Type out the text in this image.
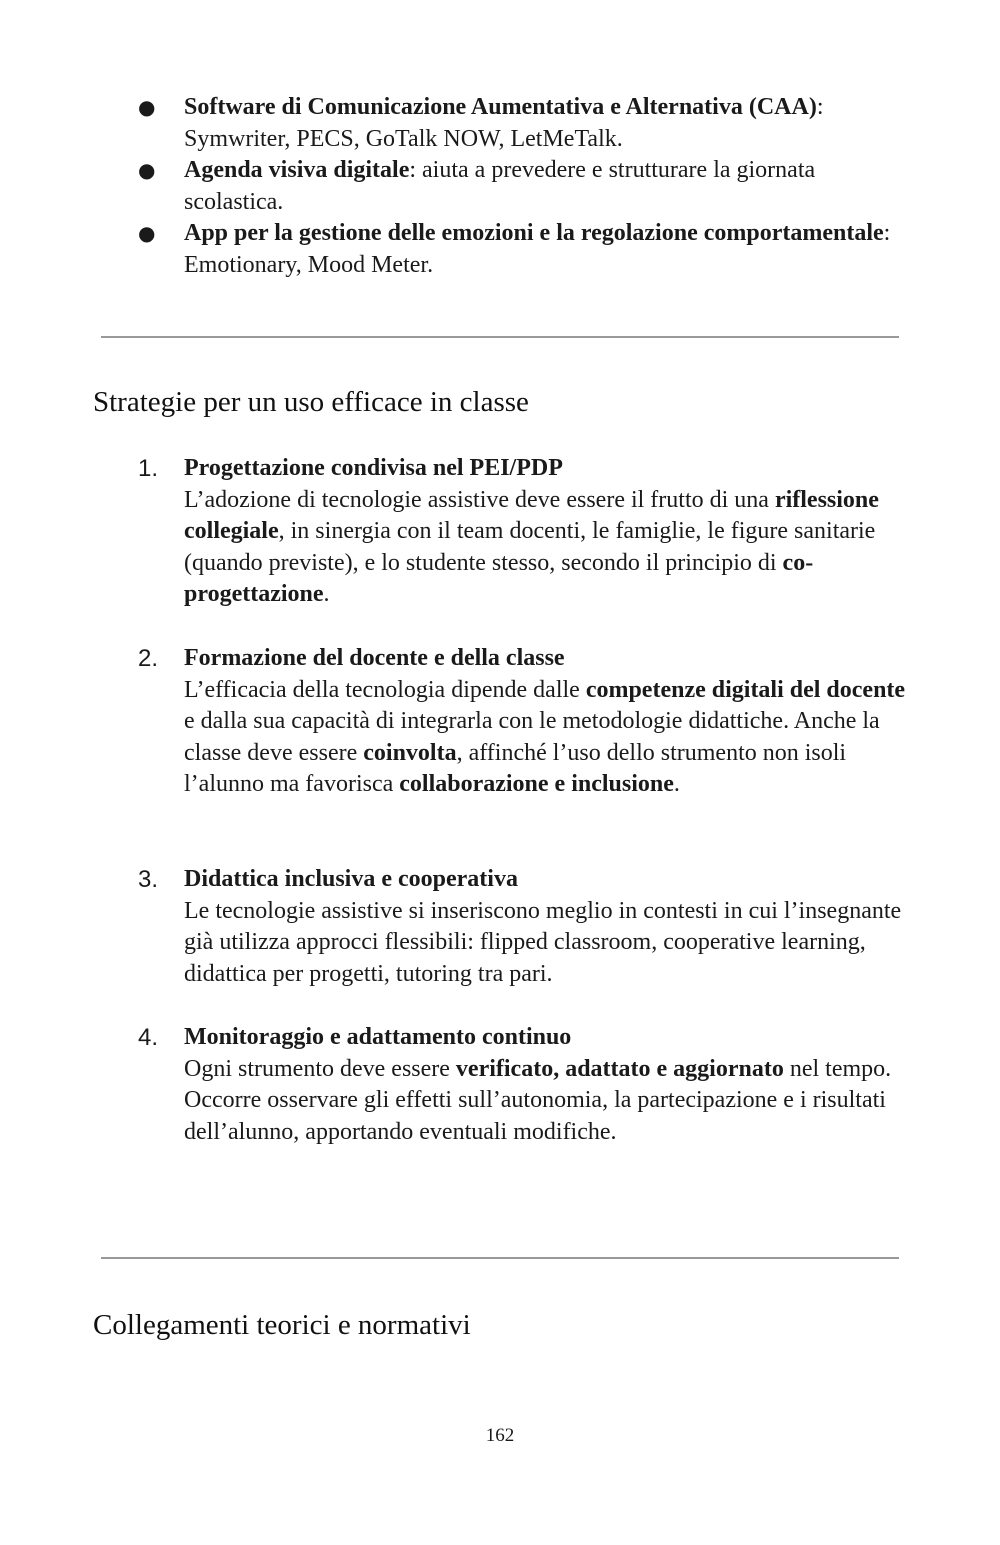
● Software di Comunicazione Aumentativa e Alternativa (CAA): Symwriter, PECS, GoTalk NOW, LetMeTalk.
● Agenda visiva digitale: aiuta a prevedere e strutturare la giornata scolastica.
● App per la gestione delle emozioni e la regolazione comportamentale: Emotionary, Mood Meter.
Strategie per un uso efficace in classe
1. Progettazione condivisa nel PEI/PDP
L’adozione di tecnologie assistive deve essere il frutto di una riflessione collegiale, in sinergia con il team docenti, le famiglie, le figure sanitarie (quando previste), e lo studente stesso, secondo il principio di co-progettazione.
2. Formazione del docente e della classe
L’efficacia della tecnologia dipende dalle competenze digitali del docente e dalla sua capacità di integrarla con le metodologie didattiche. Anche la classe deve essere coinvolta, affinché l’uso dello strumento non isoli l’alunno ma favorisca collaborazione e inclusione.
3. Didattica inclusiva e cooperativa
Le tecnologie assistive si inseriscono meglio in contesti in cui l’insegnante già utilizza approcci flessibili: flipped classroom, cooperative learning, didattica per progetti, tutoring tra pari.
4. Monitoraggio e adattamento continuo
Ogni strumento deve essere verificato, adattato e aggiornato nel tempo. Occorre osservare gli effetti sull’autonomia, la partecipazione e i risultati dell’alunno, apportando eventuali modifiche.
Collegamenti teorici e normativi
162
